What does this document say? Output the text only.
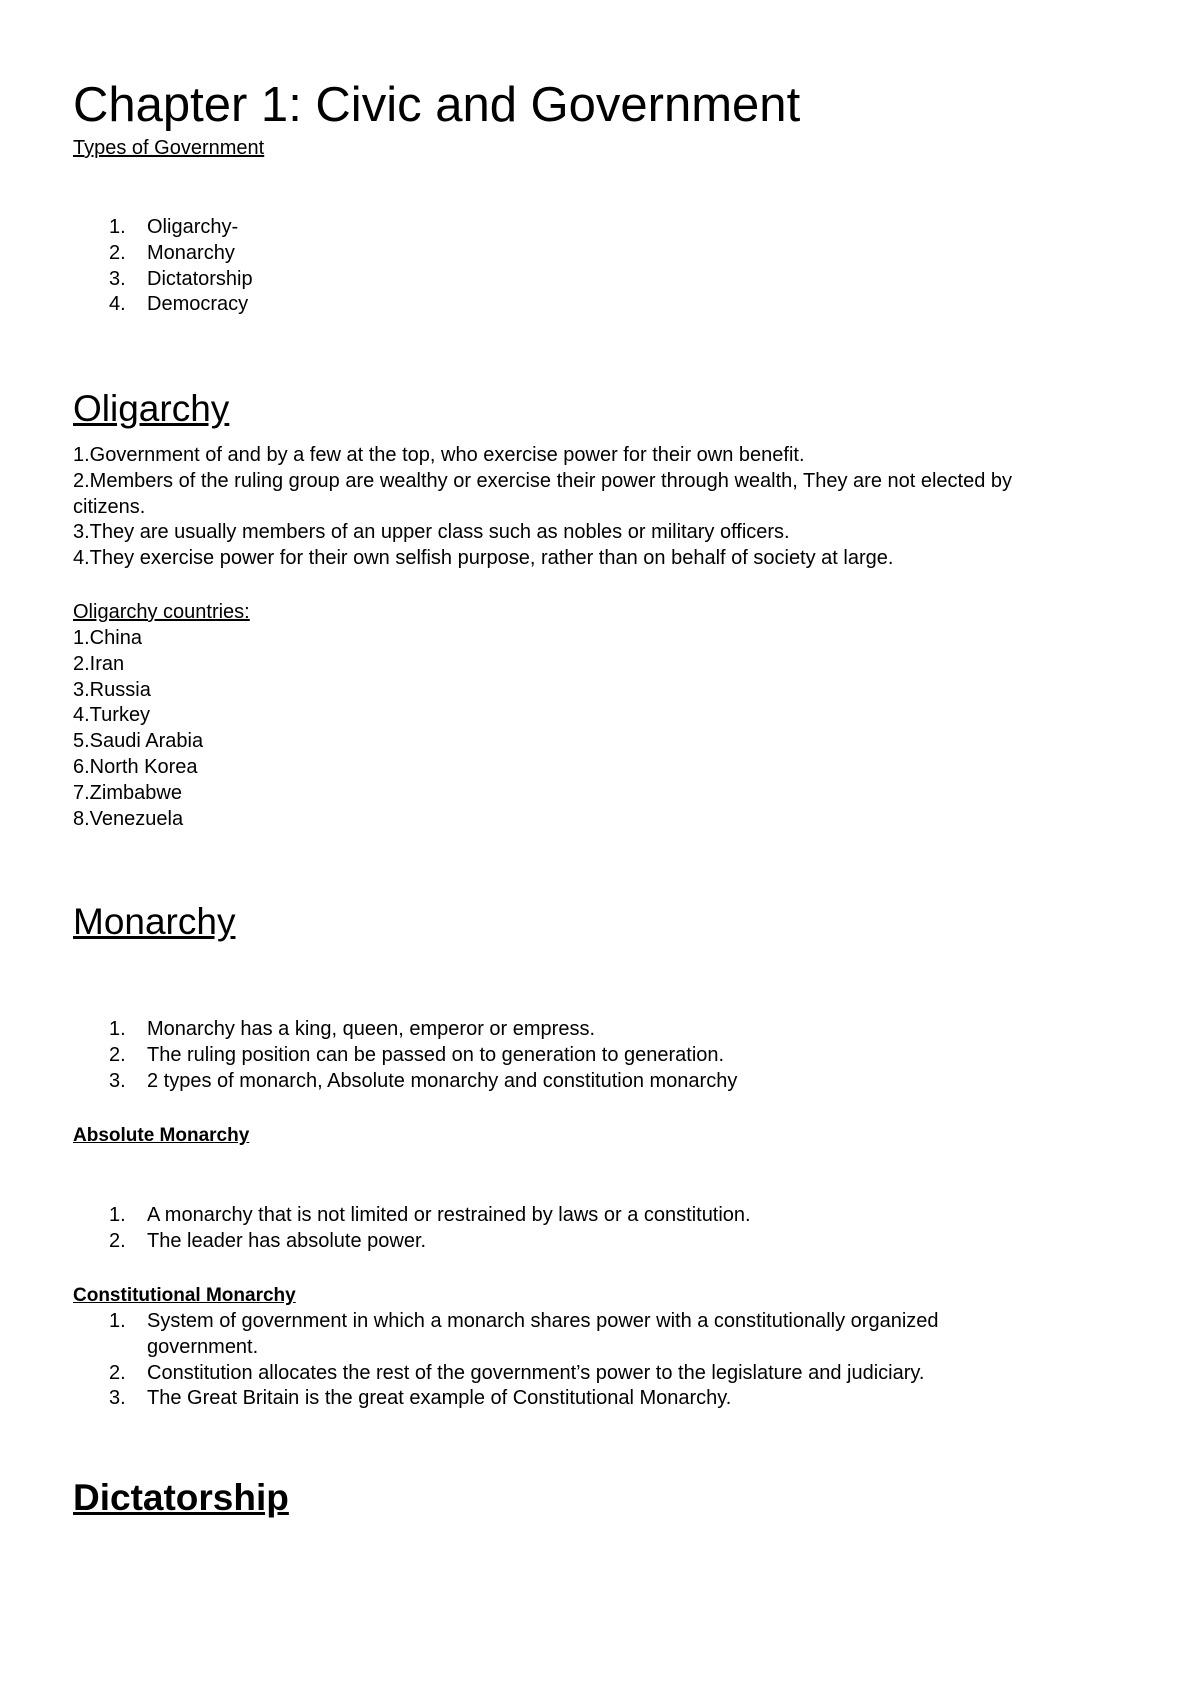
Chapter 1: Civic and Government
Types of Government
1. Oligarchy-
2. Monarchy
3. Dictatorship
4. Democracy
Oligarchy
1.Government of and by a few at the top, who exercise power for their own benefit.
2.Members of the ruling group are wealthy or exercise their power through wealth, They are not elected by
citizens.
3.They are usually members of an upper class such as nobles or military officers.
4.They exercise power for their own selfish purpose, rather than on behalf of society at large.
Oligarchy countries:
1.China
2.Iran
3.Russia
4.Turkey
5.Saudi Arabia
6.North Korea
7.Zimbabwe
8.Venezuela
Monarchy
1. Monarchy has a king, queen, emperor or empress.
2. The ruling position can be passed on to generation to generation.
3. 2 types of monarch, Absolute monarchy and constitution monarchy
Absolute Monarchy
1. A monarchy that is not limited or restrained by laws or a constitution.
2. The leader has absolute power.
Constitutional Monarchy
1. System of government in which a monarch shares power with a constitutionally organized
government.
2. Constitution allocates the rest of the government’s power to the legislature and judiciary.
3. The Great Britain is the great example of Constitutional Monarchy.
Dictatorship
